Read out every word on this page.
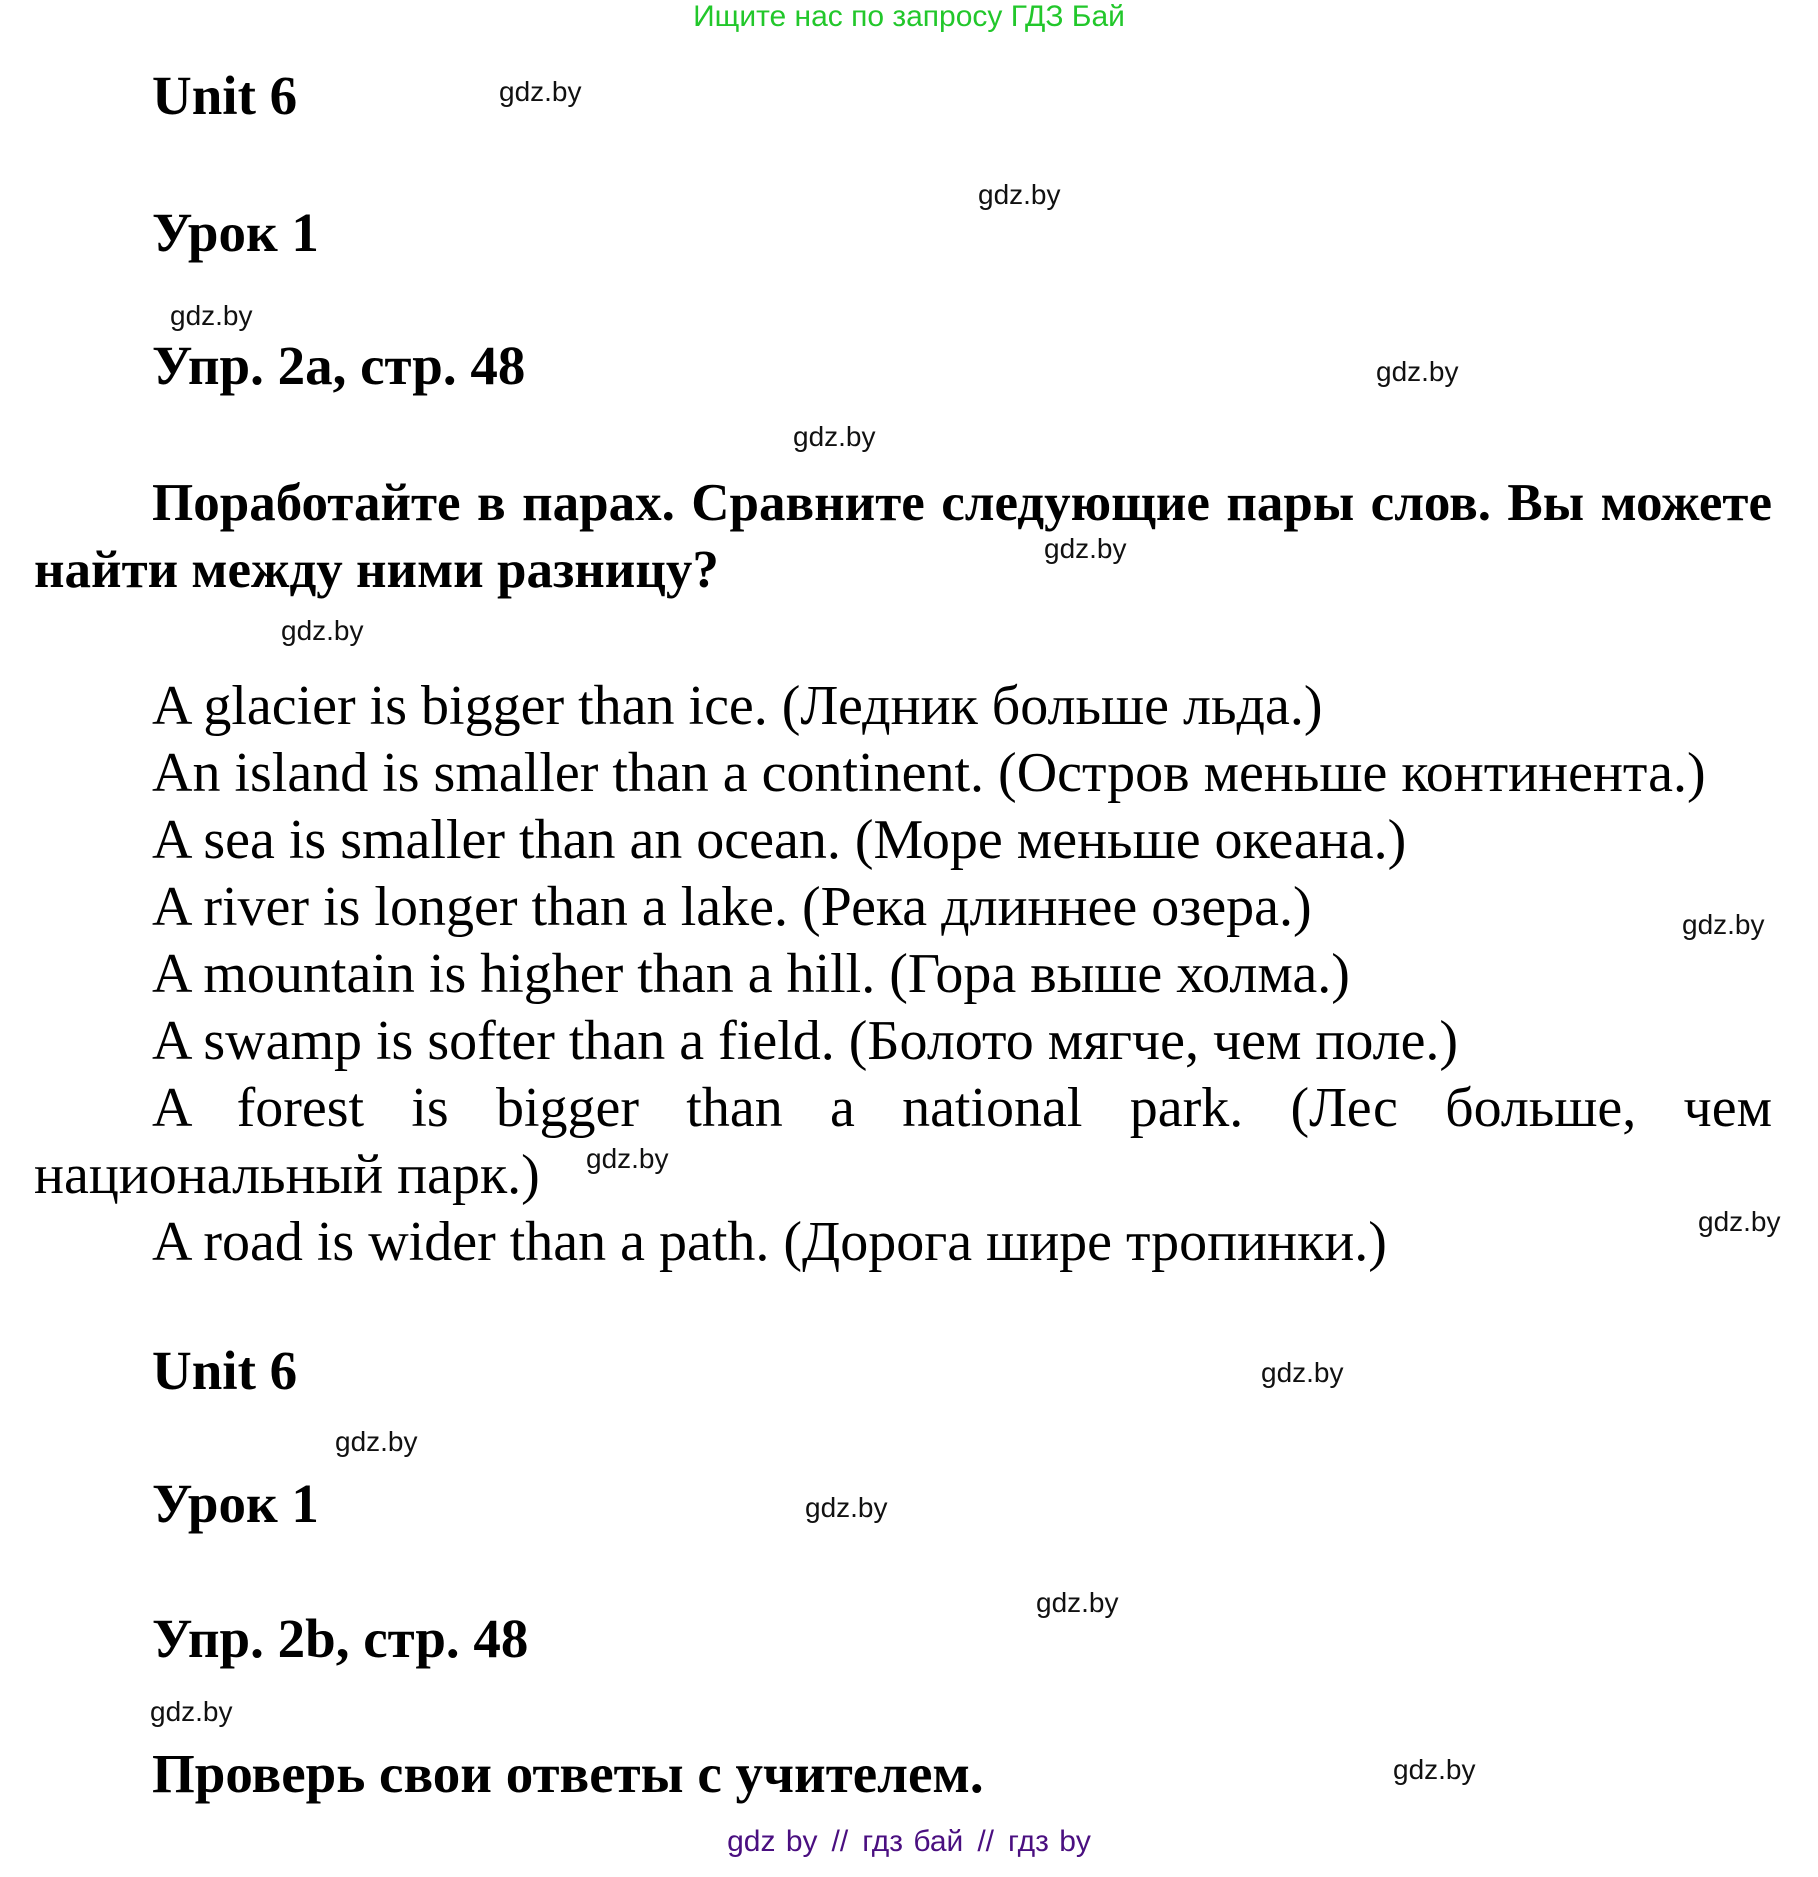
Ищите нас по запросу ГДЗ Бай
Unit 6
Урок 1
Упр. 2a, стр. 48

Поработайте в парах. Сравните следующие пары слов. Вы можете найти между ними разницу?

A glacier is bigger than ice. (Ледник больше льда.)
An island is smaller than a continent. (Остров меньше континента.)
A sea is smaller than an ocean. (Море меньше океана.)
A river is longer than a lake. (Река длиннее озера.)
A mountain is higher than a hill. (Гора выше холма.)
A swamp is softer than a field. (Болото мягче, чем поле.)

A forest is bigger than a national park. (Лес больше, чем национальный парк.)

A road is wider than a path. (Дорога шире тропинки.)
Unit 6
Урок 1
Упр. 2b, стр. 48

Проверь свои ответы с учителем.

gdz.by
gdz.by
gdz.by
gdz.by
gdz.by
gdz.by
gdz.by
gdz.by
gdz.by
gdz.by
gdz.by
gdz.by
gdz.by
gdz.by
gdz.by
gdz.by
gdz by // гдз бай // гдз by
